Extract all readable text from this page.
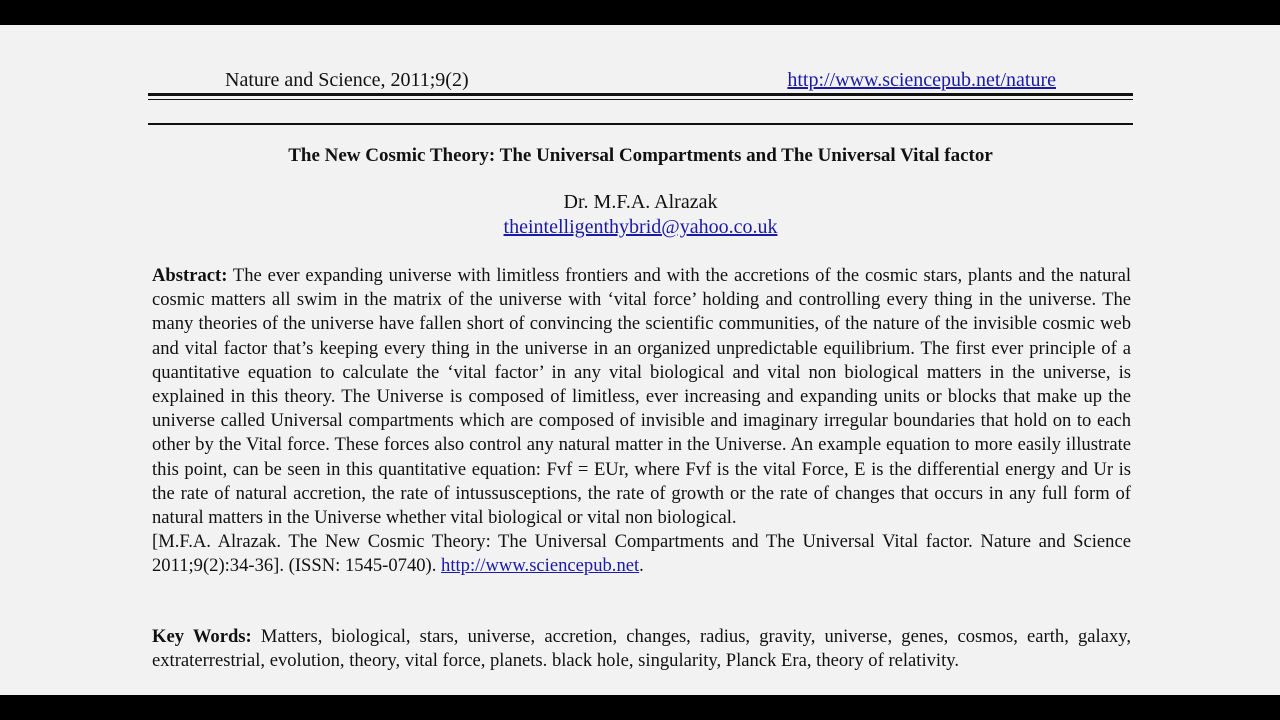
Nature and Science, 2011;9(2)	http://www.sciencepub.net/nature
The New Cosmic Theory: The Universal Compartments and The Universal Vital factor
Dr. M.F.A. Alrazak
theintelligenthybrid@yahoo.co.uk

Abstract: The ever expanding universe with limitless frontiers and with the accretions of the cosmic stars, plants and the natural cosmic matters all swim in the matrix of the universe with ‘vital force’ holding and controlling every thing in the universe. The many theories of the universe have fallen short of convincing the scientific communities, of the nature of the invisible cosmic web and vital factor that’s keeping every thing in the universe in an organized unpredictable equilibrium. The first ever principle of a quantitative equation to calculate the ‘vital factor’ in any vital biological and vital non biological matters in the universe, is explained in this theory. The Universe is composed of limitless, ever increasing and expanding units or blocks that make up the universe called Universal compartments which are composed of invisible and imaginary irregular boundaries that hold on to each other by the Vital force. These forces also control any natural matter in the Universe. An example equation to more easily illustrate this point, can be seen in this quantitative equation: Fvf = EUr, where Fvf is the vital Force, E is the differential energy and Ur is the rate of natural accretion, the rate of intussusceptions, the rate of growth or the rate of changes that occurs in any full form of natural matters in the Universe whether vital biological or vital non biological.

[M.F.A. Alrazak. The New Cosmic Theory: The Universal Compartments and The Universal Vital factor. Nature and Science 2011;9(2):34-36]. (ISSN: 1545-0740). http://www.sciencepub.net.

Key Words: Matters, biological, stars, universe, accretion, changes, radius, gravity, universe, genes, cosmos, earth, galaxy, extraterrestrial, evolution, theory, vital force, planets. black hole, singularity, Planck Era, theory of relativity.
